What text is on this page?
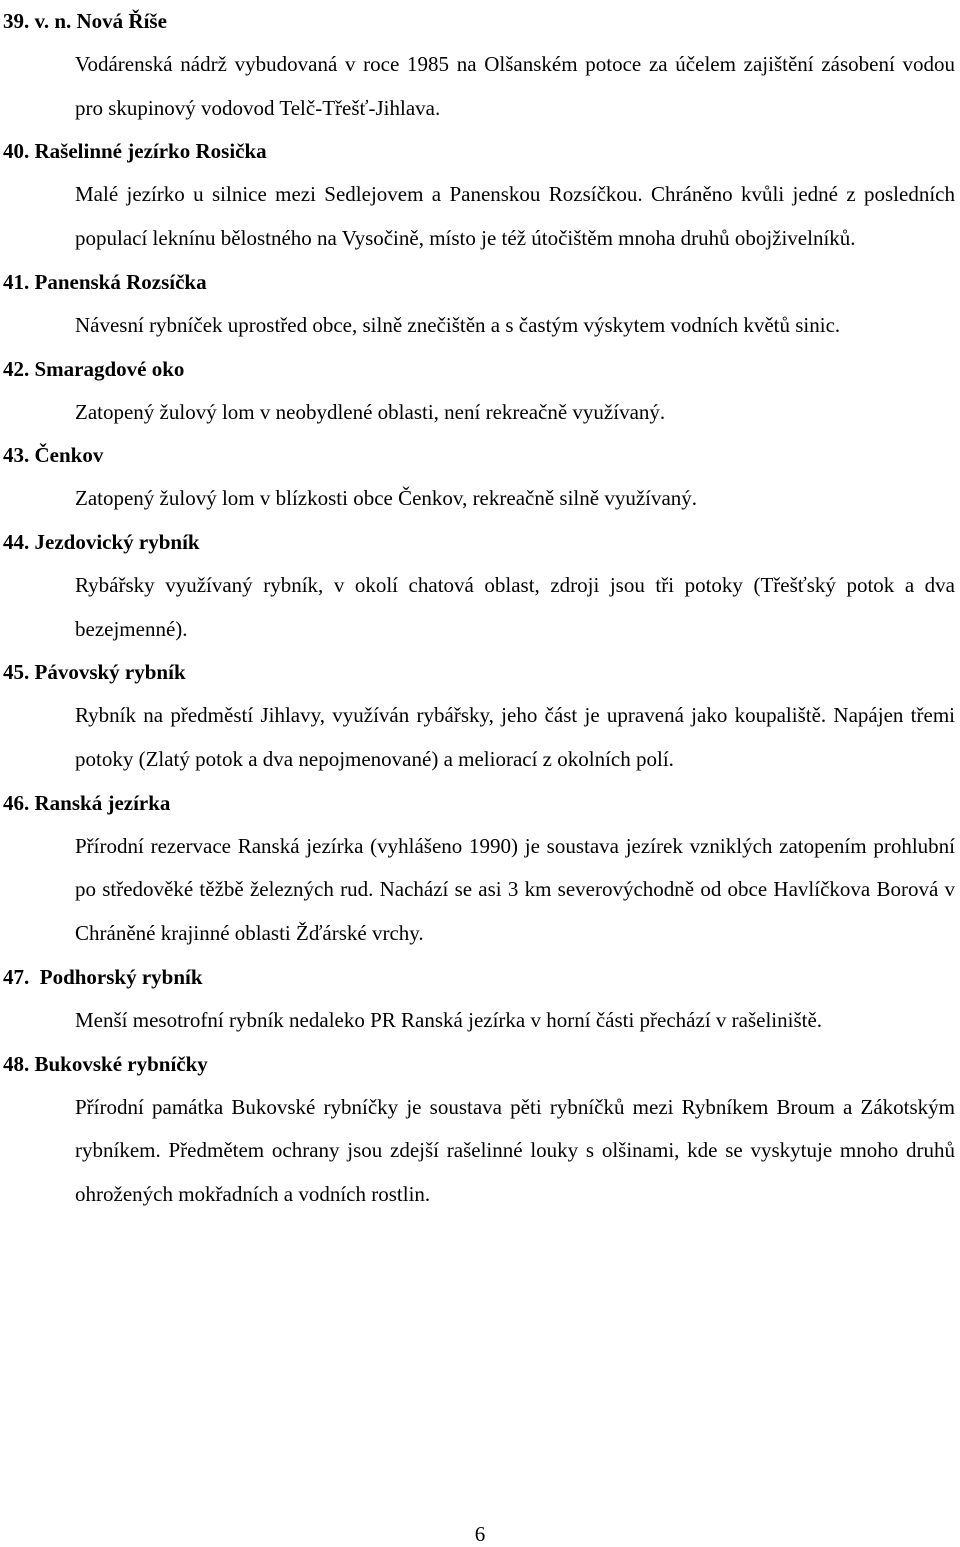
39. v. n. Nová Říše

Vodárenská nádrž vybudovaná v roce 1985 na Olšanském potoce za účelem zajištění zásobení vodou pro skupinový vodovod Telč-Třešť-Jihlava.

40. Rašelinné jezírko Rosička

Malé jezírko u silnice mezi Sedlejovem a Panenskou Rozsíčkou. Chráněno kvůli jedné z posledních populací leknínu bělostného na Vysočině, místo je též útočištěm mnoha druhů obojživelníků.

41. Panenská Rozsíčka

Návesní rybníček uprostřed obce, silně znečištěn a s častým výskytem vodních květů sinic.

42. Smaragdové oko

Zatopený žulový lom v neobydlené oblasti, není rekreačně využívaný.

43. Čenkov

Zatopený žulový lom v blízkosti obce Čenkov, rekreačně silně využívaný.

44. Jezdovický rybník

Rybářsky využívaný rybník, v okolí chatová oblast, zdroji jsou tři potoky (Třešťský potok a dva bezejmenné).

45. Pávovský rybník

Rybník na předměstí Jihlavy, využíván rybářsky, jeho část je upravená jako koupaliště. Napájen třemi potoky (Zlatý potok a dva nepojmenované) a meliorací z okolních polí.

46. Ranská jezírka

Přírodní rezervace Ranská jezírka (vyhlášeno 1990) je soustava jezírek vzniklých zatopením prohlubní po středověké těžbě železných rud. Nachází se asi 3 km severovýchodně od obce Havlíčkova Borová v Chráněné krajinné oblasti Žďárské vrchy.

47.  Podhorský rybník

Menší mesotrofní rybník nedaleko PR Ranská jezírka v horní části přechází v rašeliniště.

48. Bukovské rybníčky

Přírodní památka Bukovské rybníčky je soustava pěti rybníčků mezi Rybníkem Broum a Zákotským rybníkem. Předmětem ochrany jsou zdejší rašelinné louky s olšinami, kde se vyskytuje mnoho druhů ohrožených mokřadních a vodních rostlin.

6
